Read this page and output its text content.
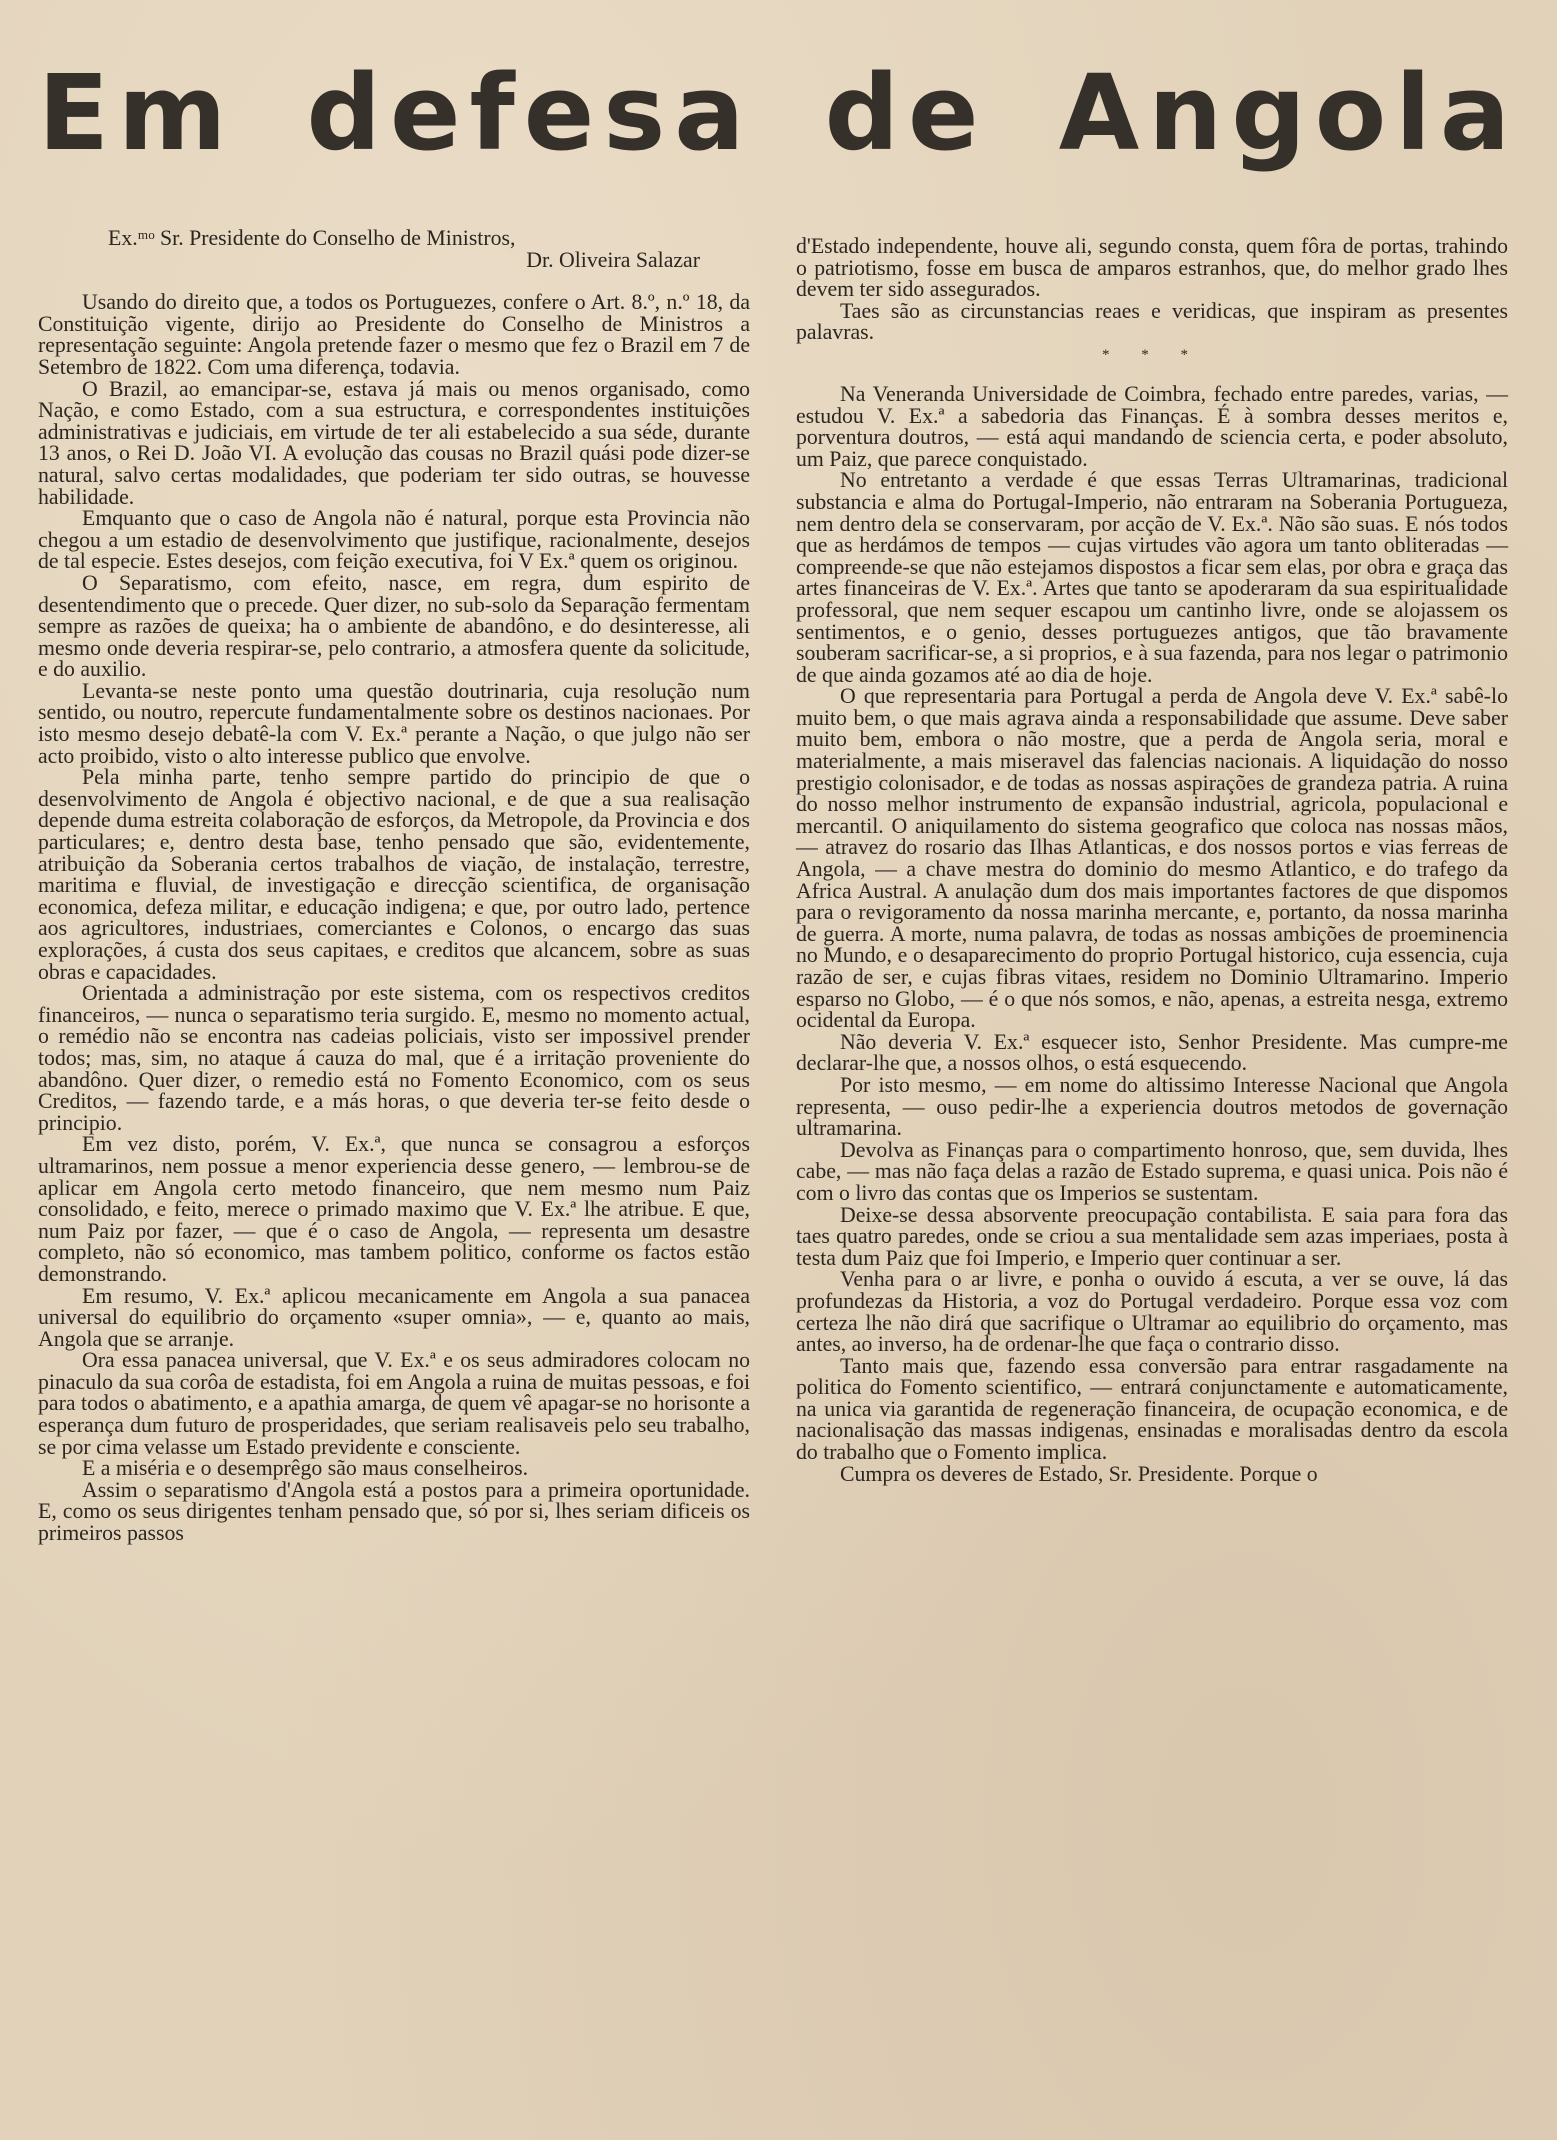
Em defesa de Angola
Ex.ᵐᵒ Sr. Presidente do Conselho de Ministros,
Dr. Oliveira Salazar

Usando do direito que, a todos os Portuguezes, confere o Art. 8.º, n.º 18, da Constituição vigente, dirijo ao Presidente do Conselho de Ministros a representação seguinte: Angola pretende fazer o mesmo que fez o Brazil em 7 de Setembro de 1822. Com uma diferença, todavia.

O Brazil, ao emancipar-se, estava já mais ou menos organisado, como Nação, e como Estado, com a sua estructura, e correspondentes instituições administrativas e judiciais, em virtude de ter ali estabelecido a sua séde, durante 13 anos, o Rei D. João VI. A evolução das cousas no Brazil quási pode dizer-se natural, salvo certas modalidades, que poderiam ter sido outras, se houvesse habilidade.

Emquanto que o caso de Angola não é natural, porque esta Provincia não chegou a um estadio de desenvolvimento que justifique, racionalmente, desejos de tal especie. Estes desejos, com feição executiva, foi V Ex.ª quem os originou.

O Separatismo, com efeito, nasce, em regra, dum espirito de desentendimento que o precede. Quer dizer, no sub-solo da Separação fermentam sempre as razões de queixa; ha o ambiente de abandôno, e do desinteresse, ali mesmo onde deveria respirar-se, pelo contrario, a atmosfera quente da solicitude, e do auxilio.

Levanta-se neste ponto uma questão doutrinaria, cuja resolução num sentido, ou noutro, repercute fundamentalmente sobre os destinos nacionaes. Por isto mesmo desejo debatê-la com V. Ex.ª perante a Nação, o que julgo não ser acto proibido, visto o alto interesse publico que envolve.

Pela minha parte, tenho sempre partido do principio de que o desenvolvimento de Angola é objectivo nacional, e de que a sua realisação depende duma estreita colaboração de esforços, da Metropole, da Provincia e dos particulares; e, dentro desta base, tenho pensado que são, evidentemente, atribuição da Soberania certos trabalhos de viação, de instalação, terrestre, maritima e fluvial, de investigação e direcção scientifica, de organisação economica, defeza militar, e educação indigena; e que, por outro lado, pertence aos agricultores, industriaes, comerciantes e Colonos, o encargo das suas explorações, á custa dos seus capitaes, e creditos que alcancem, sobre as suas obras e capacidades.

Orientada a administração por este sistema, com os respectivos creditos financeiros, — nunca o separatismo teria surgido. E, mesmo no momento actual, o remédio não se encontra nas cadeias policiais, visto ser impossivel prender todos; mas, sim, no ataque á cauza do mal, que é a irritação proveniente do abandôno. Quer dizer, o remedio está no Fomento Economico, com os seus Creditos, — fazendo tarde, e a más horas, o que deveria ter-se feito desde o principio.

Em vez disto, porém, V. Ex.ª, que nunca se consagrou a esforços ultramarinos, nem possue a menor experiencia desse genero, — lembrou-se de aplicar em Angola certo metodo financeiro, que nem mesmo num Paiz consolidado, e feito, merece o primado maximo que V. Ex.ª lhe atribue. E que, num Paiz por fazer, — que é o caso de Angola, — representa um desastre completo, não só economico, mas tambem politico, conforme os factos estão demonstrando.

Em resumo, V. Ex.ª aplicou mecanicamente em Angola a sua panacea universal do equilibrio do orçamento «super omnia», — e, quanto ao mais, Angola que se arranje.

Ora essa panacea universal, que V. Ex.ª e os seus admiradores colocam no pinaculo da sua corôa de estadista, foi em Angola a ruina de muitas pessoas, e foi para todos o abatimento, e a apathia amarga, de quem vê apagar-se no horisonte a esperança dum futuro de prosperidades, que seriam realisaveis pelo seu trabalho, se por cima velasse um Estado previdente e consciente.

E a miséria e o desemprêgo são maus conselheiros.

Assim o separatismo d'Angola está a postos para a primeira oportunidade. E, como os seus dirigentes tenham pensado que, só por si, lhes seriam dificeis os primeiros passos

d'Estado independente, houve ali, segundo consta, quem fôra de portas, trahindo o patriotismo, fosse em busca de amparos estranhos, que, do melhor grado lhes devem ter sido assegurados.

Taes são as circunstancias reaes e veridicas, que inspiram as presentes palavras.

* * *

Na Veneranda Universidade de Coimbra, fechado entre paredes, varias, — estudou V. Ex.ª a sabedoria das Finanças. É à sombra desses meritos e, porventura doutros, — está aqui mandando de sciencia certa, e poder absoluto, um Paiz, que parece conquistado.

No entretanto a verdade é que essas Terras Ultramarinas, tradicional substancia e alma do Portugal-Imperio, não entraram na Soberania Portugueza, nem dentro dela se conservaram, por acção de V. Ex.ª. Não são suas. E nós todos que as herdámos de tempos — cujas virtudes vão agora um tanto obliteradas — compreende-se que não estejamos dispostos a ficar sem elas, por obra e graça das artes financeiras de V. Ex.ª. Artes que tanto se apoderaram da sua espiritualidade professoral, que nem sequer escapou um cantinho livre, onde se alojassem os sentimentos, e o genio, desses portuguezes antigos, que tão bravamente souberam sacrificar-se, a si proprios, e à sua fazenda, para nos legar o patrimonio de que ainda gozamos até ao dia de hoje.

O que representaria para Portugal a perda de Angola deve V. Ex.ª sabê-lo muito bem, o que mais agrava ainda a responsabilidade que assume. Deve saber muito bem, embora o não mostre, que a perda de Angola seria, moral e materialmente, a mais miseravel das falencias nacionais. A liquidação do nosso prestigio colonisador, e de todas as nossas aspirações de grandeza patria. A ruina do nosso melhor instrumento de expansão industrial, agricola, populacional e mercantil. O aniquilamento do sistema geografico que coloca nas nossas mãos, — atravez do rosario das Ilhas Atlanticas, e dos nossos portos e vias ferreas de Angola, — a chave mestra do dominio do mesmo Atlantico, e do trafego da Africa Austral. A anulação dum dos mais importantes factores de que dispomos para o revigoramento da nossa marinha mercante, e, portanto, da nossa marinha de guerra. A morte, numa palavra, de todas as nossas ambições de proeminencia no Mundo, e o desaparecimento do proprio Portugal historico, cuja essencia, cuja razão de ser, e cujas fibras vitaes, residem no Dominio Ultramarino. Imperio esparso no Globo, — é o que nós somos, e não, apenas, a estreita nesga, extremo ocidental da Europa.

Não deveria V. Ex.ª esquecer isto, Senhor Presidente. Mas cumpre-me declarar-lhe que, a nossos olhos, o está esquecendo.

Por isto mesmo, — em nome do altissimo Interesse Nacional que Angola representa, — ouso pedir-lhe a experiencia doutros metodos de governação ultramarina.

Devolva as Finanças para o compartimento honroso, que, sem duvida, lhes cabe, — mas não faça delas a razão de Estado suprema, e quasi unica. Pois não é com o livro das contas que os Imperios se sustentam.

Deixe-se dessa absorvente preocupação contabilista. E saia para fora das taes quatro paredes, onde se criou a sua mentalidade sem azas imperiaes, posta à testa dum Paiz que foi Imperio, e Imperio quer continuar a ser.

Venha para o ar livre, e ponha o ouvido á escuta, a ver se ouve, lá das profundezas da Historia, a voz do Portugal verdadeiro. Porque essa voz com certeza lhe não dirá que sacrifique o Ultramar ao equilibrio do orçamento, mas antes, ao inverso, ha de ordenar-lhe que faça o contrario disso.

Tanto mais que, fazendo essa conversão para entrar rasgadamente na politica do Fomento scientifico, — entrará conjunctamente e automaticamente, na unica via garantida de regeneração financeira, de ocupação economica, e de nacionalisação das massas indigenas, ensinadas e moralisadas dentro da escola do trabalho que o Fomento implica.

Cumpra os deveres de Estado, Sr. Presidente. Porque o
